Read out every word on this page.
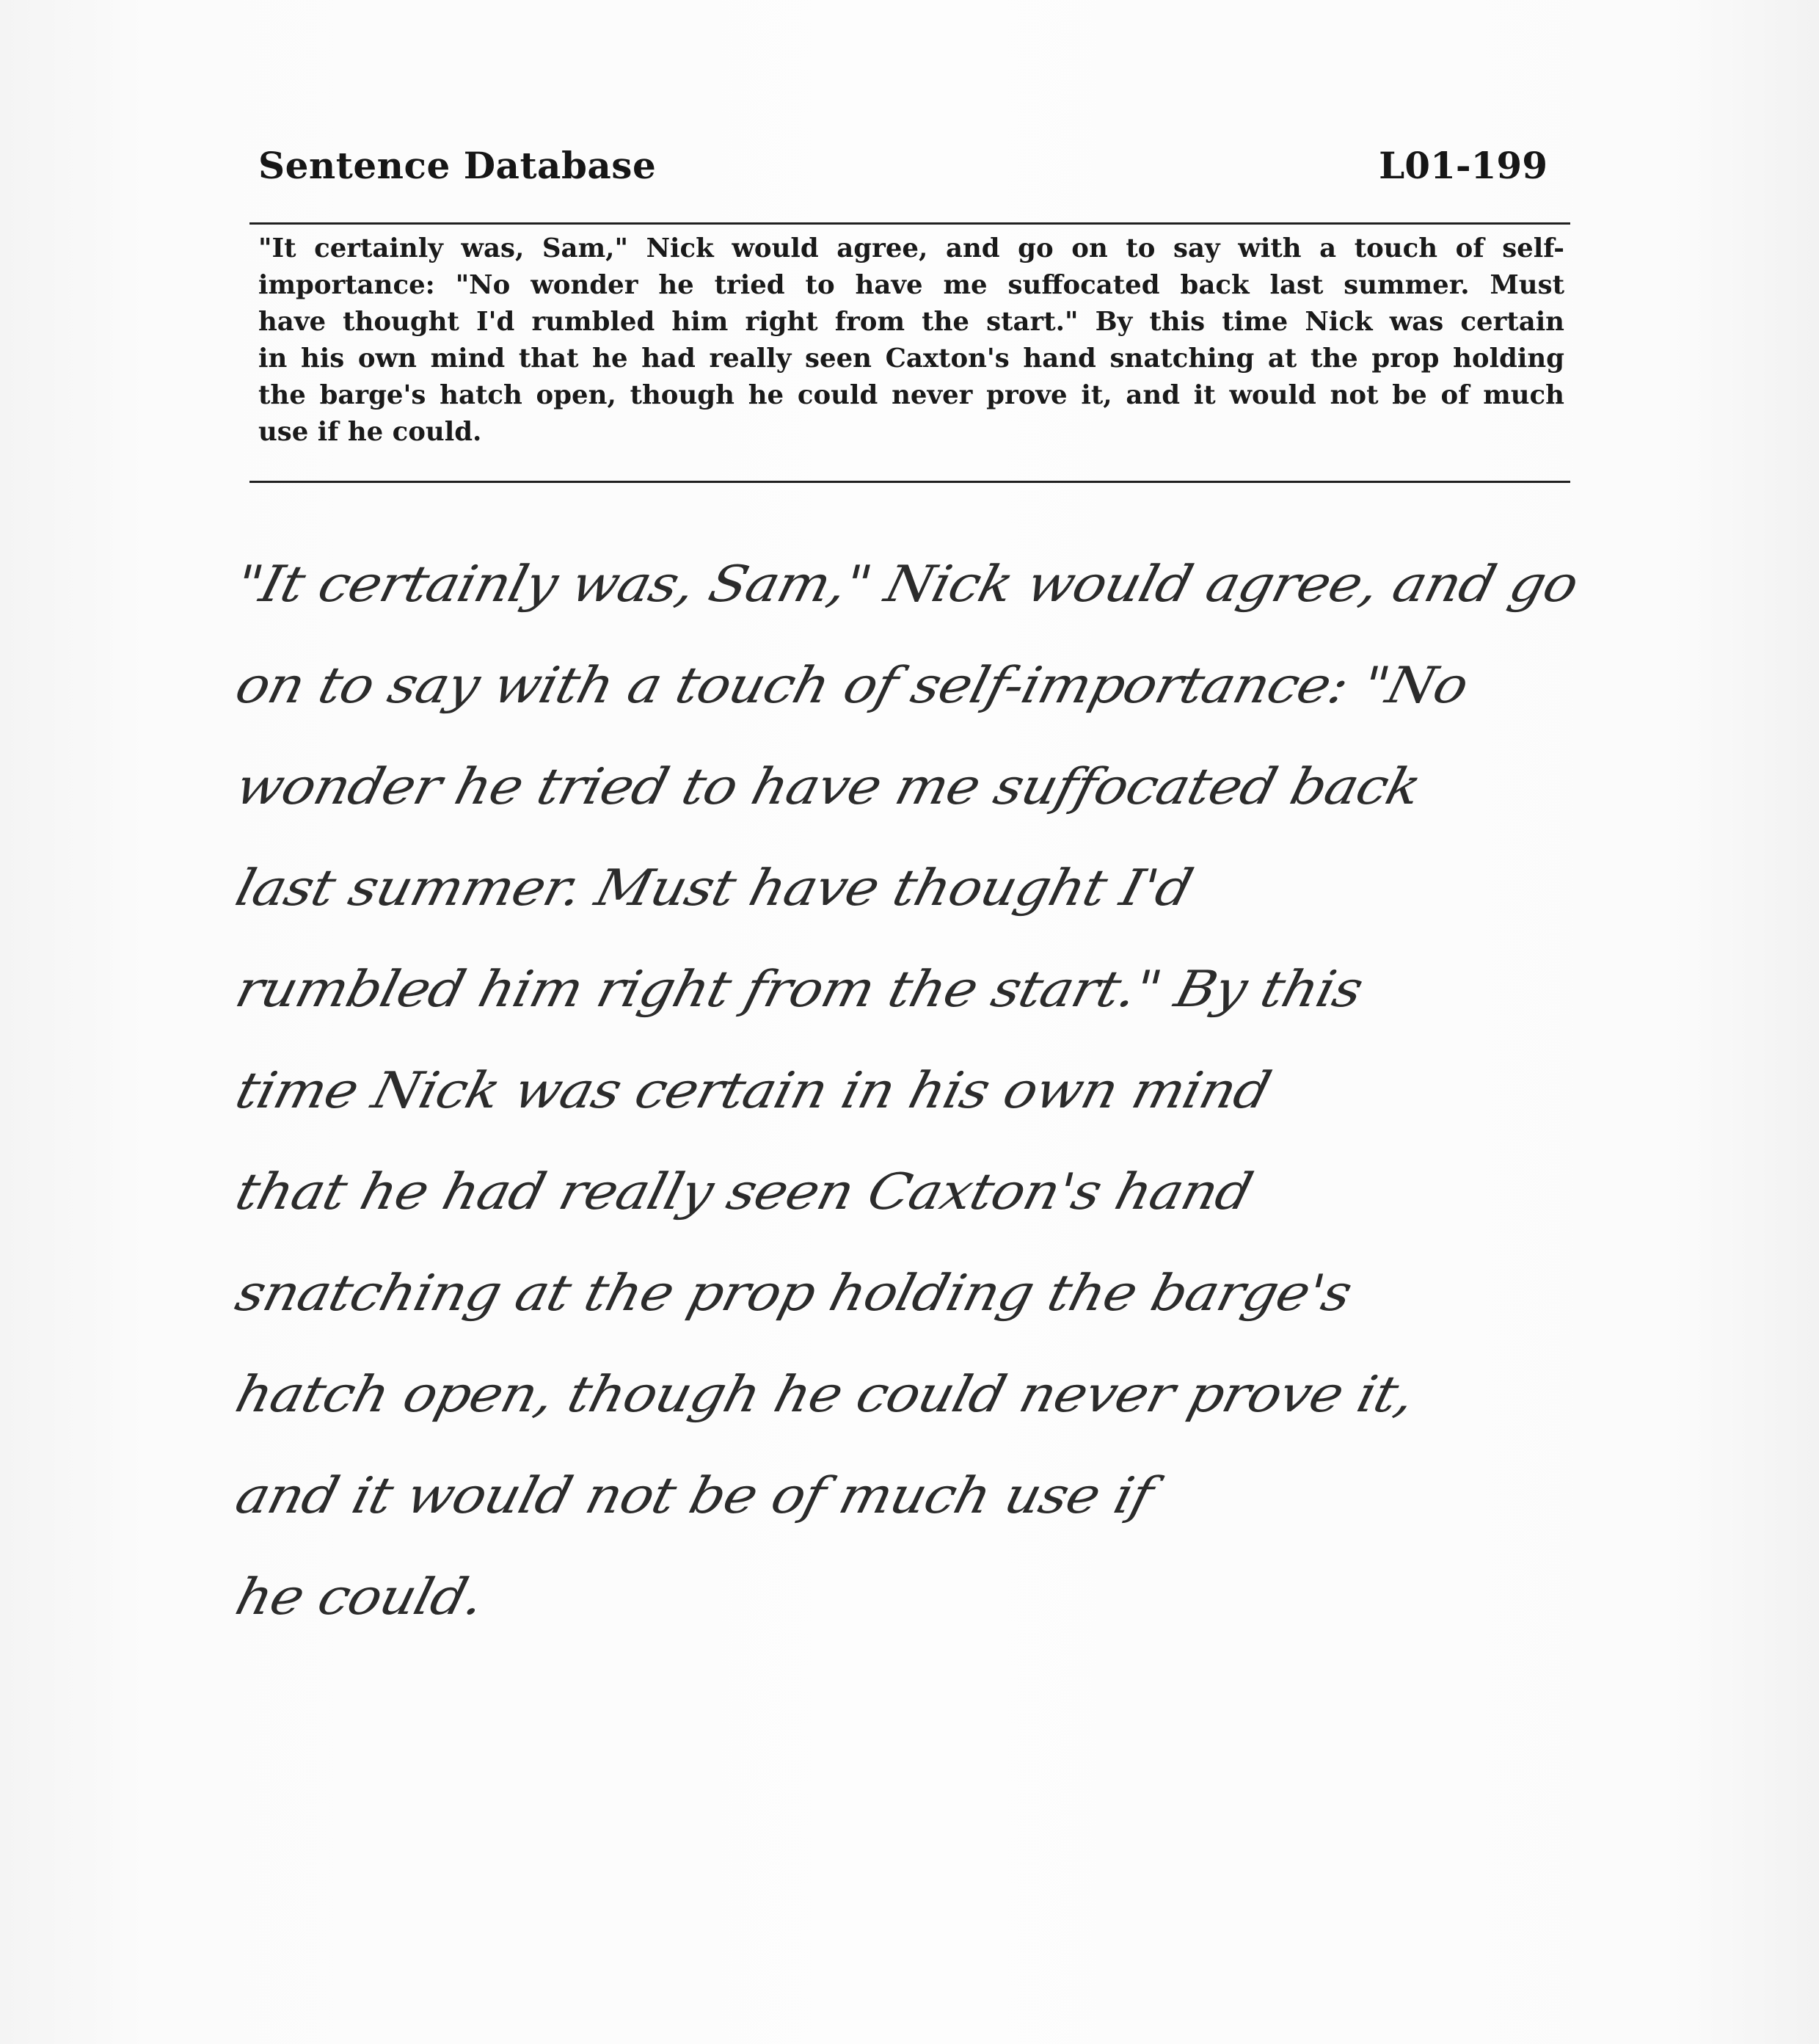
Sentence Database	L01-199
"It certainly was, Sam," Nick would agree, and go on to say with a touch of self-
importance: "No wonder he tried to have me suffocated back last summer. Must
have thought I'd rumbled him right from the start." By this time Nick was certain
in his own mind that he had really seen Caxton's hand snatching at the prop holding
the barge's hatch open, though he could never prove it, and it would not be of much
use if he could.
"It certainly was, Sam," Nick would agree, and go
on to say with a touch of self-importance: "No
wonder he tried to have me suffocated back
last summer. Must have thought I'd
rumbled him right from the start." By this
time Nick was certain in his own mind
that he had really seen Caxton's hand
snatching at the prop holding the barge's
hatch open, though he could never prove it,
and it would not be of much use if
he could.
